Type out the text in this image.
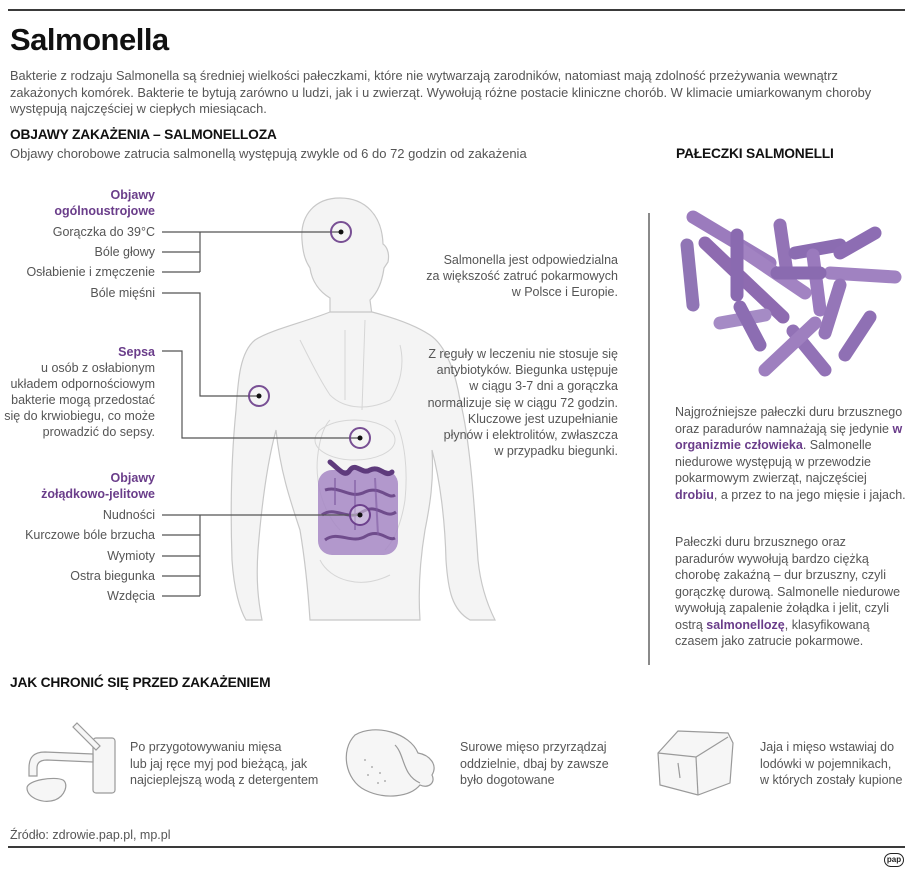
Salmonella
Bakterie z rodzaju Salmonella są średniej wielkości pałeczkami, które nie wytwarzają zarodników, natomiast mają zdolność przeżywania wewnątrz zakażonych komórek. Bakterie te bytują zarówno u ludzi, jak i u zwierząt. Wywołują różne postacie kliniczne chorób. W klimacie umiarkowanym choroby występują najczęściej w ciepłych miesiącach.
OBJAWY ZAKAŻENIA – SALMONELLOZA
Objawy chorobowe zatrucia salmonellą występują zwykle od 6 do 72 godzin od zakażenia	PAŁECZKI SALMONELLI
Objawy
ogólnoustrojowe
Gorączka do 39°C
Bóle głowy
Osłabienie i zmęczenie
Bóle mięśni
Sepsa
u osób z osłabionym
układem odpornościowym
bakterie mogą przedostać
się do krwiobiegu, co może
prowadzić do sepsy.
Objawy
żołądkowo-jelitowe
Nudności
Kurczowe bóle brzucha
Wymioty
Ostra biegunka
Wzdęcia
Salmonella jest odpowiedzialna
za większość zatruć pokarmowych
w Polsce i Europie.
Z reguły w leczeniu nie stosuje się
antybiotyków. Biegunka ustępuje
w ciągu 3-7 dni a gorączka
normalizuje się w ciągu 72 godzin.
Kluczowe jest uzupełnianie
płynów i elektrolitów, zwłaszcza
w przypadku biegunki.
Najgroźniejsze pałeczki duru brzusznego oraz paradurów namnażają się jedynie w organizmie człowieka. Salmonelle niedurowe występują w przewodzie pokarmowym zwierząt, najczęściej drobiu, a przez to na jego mięsie i jajach.
Pałeczki duru brzusznego oraz paradurów wywołują bardzo ciężką chorobę zakaźną – dur brzuszny, czyli gorączkę durową. Salmonelle niedurowe wywołują zapalenie żołądka i jelit, czyli ostrą salmonellozę, klasyfikowaną czasem jako zatrucie pokarmowe.
JAK CHRONIĆ SIĘ PRZED ZAKAŻENIEM
Po przygotowywaniu mięsa
lub jaj ręce myj pod bieżącą, jak
najcieplejszą wodą z detergentem
Surowe mięso przyrządzaj
oddzielnie, dbaj by zawsze
było dogotowane
Jaja i mięso wstawiaj do
lodówki w pojemnikach,
w których zostały kupione
Źródło: zdrowie.pap.pl, mp.pl
pap
